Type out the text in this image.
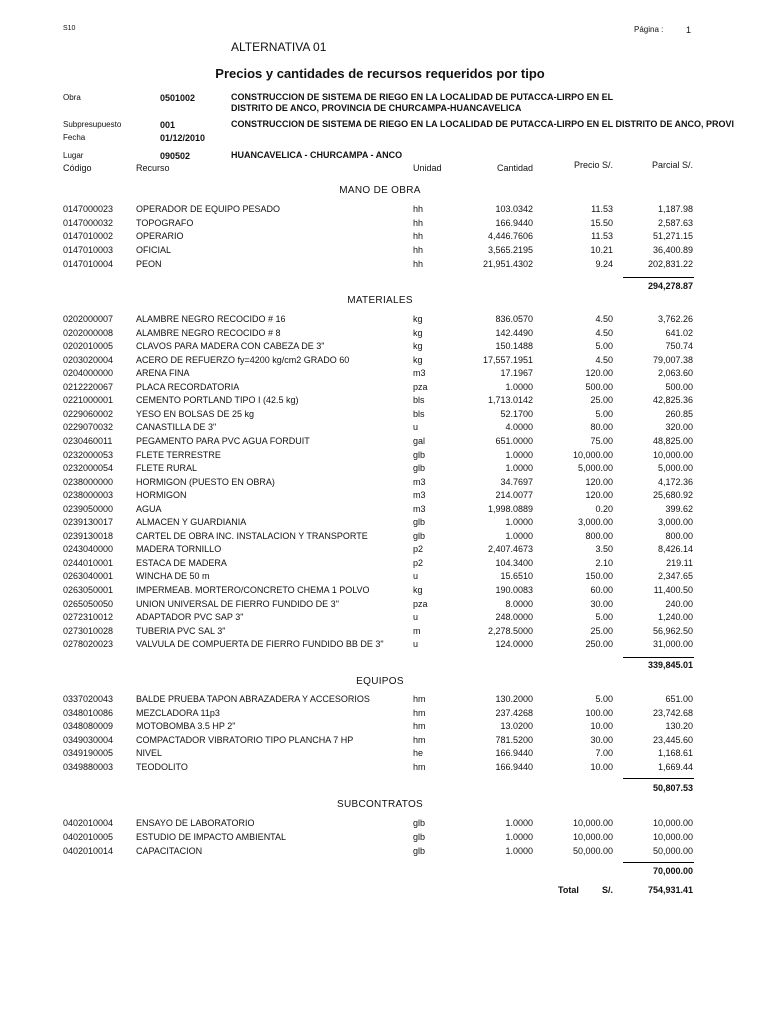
S10	Página :	1
ALTERNATIVA 01
Precios y cantidades de recursos requeridos por tipo
Obra	0501002	CONSTRUCCION DE SISTEMA DE RIEGO EN LA LOCALIDAD DE PUTACCA-LIRPO EN EL
DISTRITO DE ANCO, PROVINCIA DE CHURCAMPA-HUANCAVELICA
Subpresupuesto	001	CONSTRUCCION DE SISTEMA DE RIEGO EN LA LOCALIDAD DE PUTACCA-LIRPO EN EL DISTRITO DE ANCO, PROVI
Fecha	01/12/2010
Lugar	090502	HUANCAVELICA - CHURCAMPA - ANCO
Código	Recurso	Unidad	Cantidad	Precio S/.	Parcial S/.
MANO DE OBRA
0147000023	OPERADOR DE EQUIPO PESADO	hh	103.0342	11.53	1,187.98
0147000032	TOPOGRAFO	hh	166.9440	15.50	2,587.63
0147010002	OPERARIO	hh	4,446.7606	11.53	51,271.15
0147010003	OFICIAL	hh	3,565.2195	10.21	36,400.89
0147010004	PEON	hh	21,951.4302	9.24	202,831.22
294,278.87
MATERIALES
0202000007	ALAMBRE NEGRO RECOCIDO # 16	kg	836.0570	4.50	3,762.26
0202000008	ALAMBRE NEGRO RECOCIDO # 8	kg	142.4490	4.50	641.02
0202010005	CLAVOS PARA MADERA CON CABEZA DE 3"	kg	150.1488	5.00	750.74
0203020004	ACERO DE REFUERZO fy=4200 kg/cm2 GRADO 60	kg	17,557.1951	4.50	79,007.38
0204000000	ARENA FINA	m3	17.1967	120.00	2,063.60
0212220067	PLACA RECORDATORIA	pza	1.0000	500.00	500.00
0221000001	CEMENTO PORTLAND TIPO I (42.5 kg)	bls	1,713.0142	25.00	42,825.36
0229060002	YESO EN BOLSAS DE 25 kg	bls	52.1700	5.00	260.85
0229070032	CANASTILLA DE 3"	u	4.0000	80.00	320.00
0230460011	PEGAMENTO PARA PVC AGUA FORDUIT	gal	651.0000	75.00	48,825.00
0232000053	FLETE TERRESTRE	glb	1.0000	10,000.00	10,000.00
0232000054	FLETE RURAL	glb	1.0000	5,000.00	5,000.00
0238000000	HORMIGON (PUESTO EN OBRA)	m3	34.7697	120.00	4,172.36
0238000003	HORMIGON	m3	214.0077	120.00	25,680.92
0239050000	AGUA	m3	1,998.0889	0.20	399.62
0239130017	ALMACEN Y GUARDIANIA	glb	1.0000	3,000.00	3,000.00
0239130018	CARTEL DE OBRA INC. INSTALACION Y TRANSPORTE	glb	1.0000	800.00	800.00
0243040000	MADERA TORNILLO	p2	2,407.4673	3.50	8,426.14
0244010001	ESTACA DE MADERA	p2	104.3400	2.10	219.11
0263040001	WINCHA DE 50 m	u	15.6510	150.00	2,347.65
0263050001	IMPERMEAB. MORTERO/CONCRETO CHEMA 1 POLVO	kg	190.0083	60.00	11,400.50
0265050050	UNION UNIVERSAL DE FIERRO FUNDIDO DE 3"	pza	8.0000	30.00	240.00
0272310012	ADAPTADOR PVC SAP 3"	u	248.0000	5.00	1,240.00
0273010028	TUBERIA PVC SAL 3"	m	2,278.5000	25.00	56,962.50
0278020023	VALVULA DE COMPUERTA DE FIERRO FUNDIDO BB DE 3"	u	124.0000	250.00	31,000.00
339,845.01
EQUIPOS
0337020043	BALDE PRUEBA TAPON ABRAZADERA Y ACCESORIOS	hm	130.2000	5.00	651.00
0348010086	MEZCLADORA 11p3	hm	237.4268	100.00	23,742.68
0348080009	MOTOBOMBA 3.5 HP 2"	hm	13.0200	10.00	130.20
0349030004	COMPACTADOR VIBRATORIO TIPO PLANCHA 7 HP	hm	781.5200	30.00	23,445.60
0349190005	NIVEL	he	166.9440	7.00	1,168.61
0349880003	TEODOLITO	hm	166.9440	10.00	1,669.44
50,807.53
SUBCONTRATOS
0402010004	ENSAYO DE LABORATORIO	glb	1.0000	10,000.00	10,000.00
0402010005	ESTUDIO DE IMPACTO AMBIENTAL	glb	1.0000	10,000.00	10,000.00
0402010014	CAPACITACION	glb	1.0000	50,000.00	50,000.00
70,000.00
Total	S/.	754,931.41
